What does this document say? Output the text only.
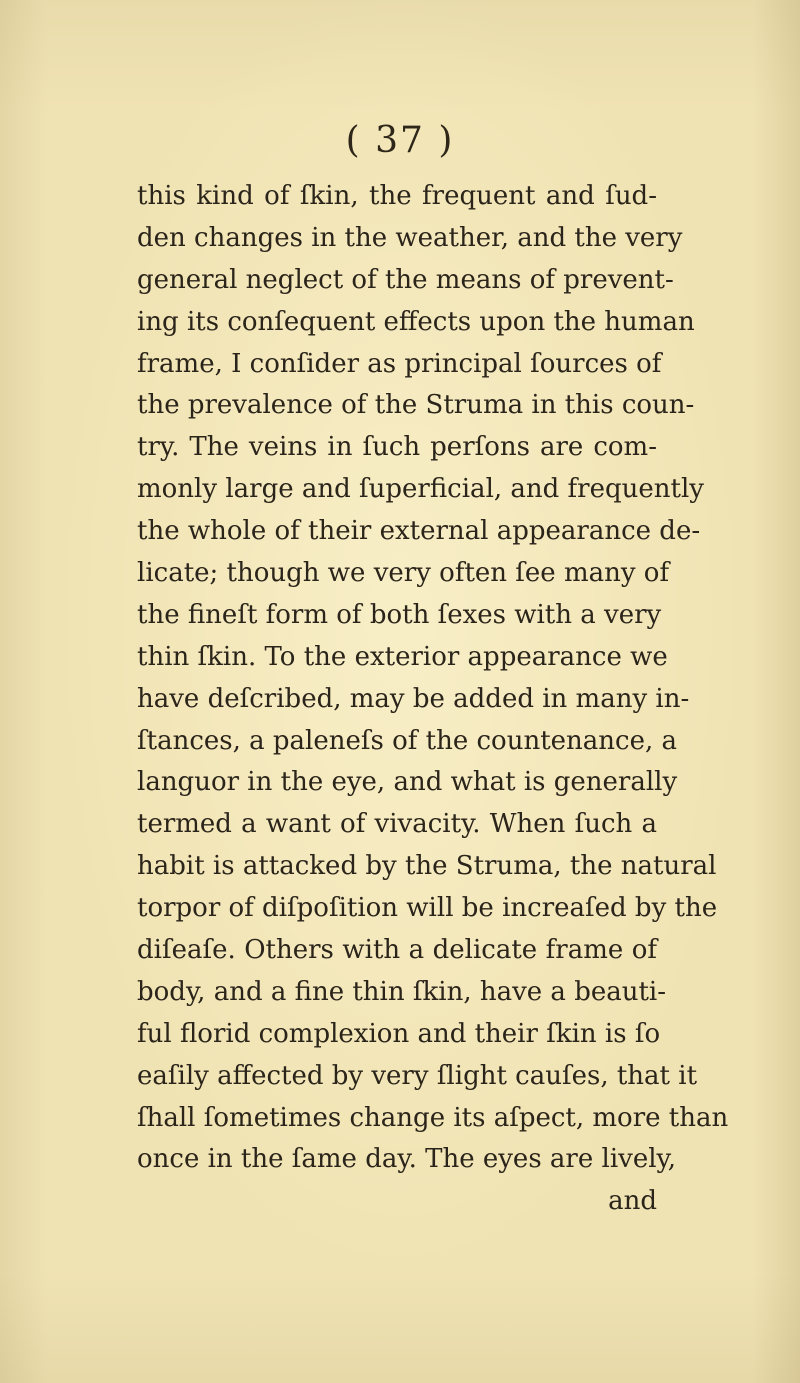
( 37 )
this kind of ſkin, the frequent and ſud-
den changes in the weather, and the very
general neglect of the means of prevent-
ing its conſequent effects upon the human
frame, I conſider as principal ſources of
the prevalence of the Struma in this coun-
try. The veins in ſuch perſons are com-
monly large and ſuperficial, and frequently
the whole of their external appearance de-
licate; though we very often ſee many of
the fineſt form of both ſexes with a very
thin ſkin. To the exterior appearance we
have deſcribed, may be added in many in-
ſtances, a paleneſs of the countenance, a
languor in the eye, and what is generally
termed a want of vivacity. When ſuch a
habit is attacked by the Struma, the natural
torpor of diſpoſition will be increaſed by the
diſeaſe. Others with a delicate frame of
body, and a fine thin ſkin, have a beauti-
ful florid complexion and their ſkin is ſo
eaſily affected by very ſlight cauſes, that it
ſhall ſometimes change its aſpect, more than
once in the ſame day. The eyes are lively,
and
